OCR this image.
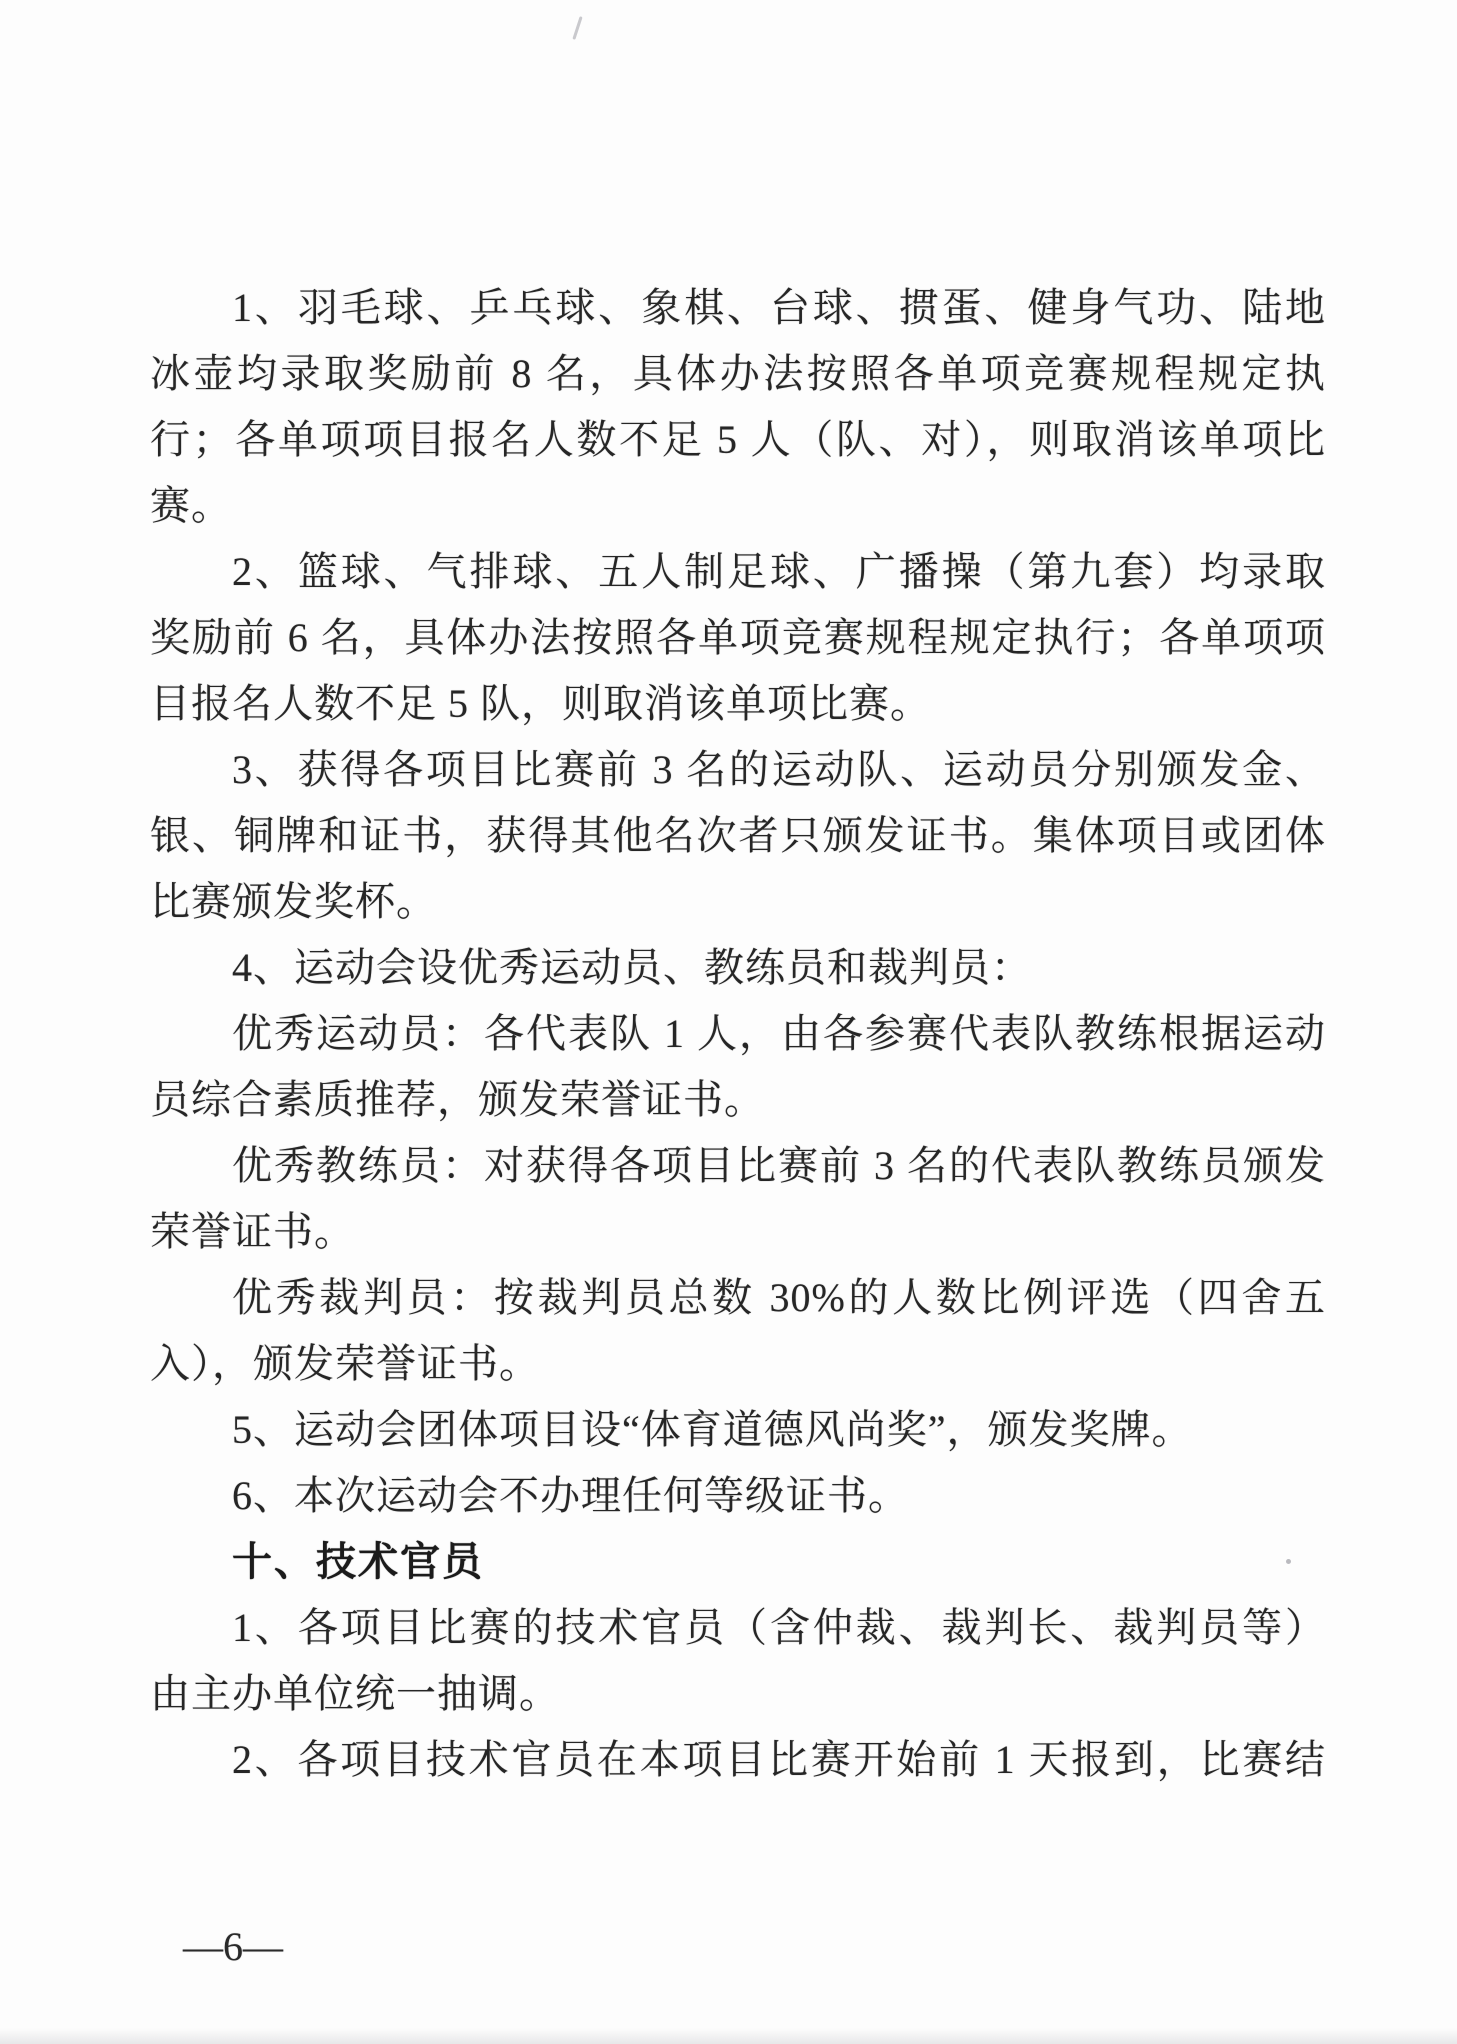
1、羽毛球、乒乓球、象棋、台球、掼蛋、健身气功、陆地
冰壶均录取奖励前 8 名，具体办法按照各单项竞赛规程规定执
行；各单项项目报名人数不足 5 人（队、对），则取消该单项比
赛。
2、篮球、气排球、五人制足球、广播操（第九套）均录取
奖励前 6 名，具体办法按照各单项竞赛规程规定执行；各单项项
目报名人数不足 5 队，则取消该单项比赛。
3、获得各项目比赛前 3 名的运动队、运动员分别颁发金、
银、铜牌和证书，获得其他名次者只颁发证书。集体项目或团体
比赛颁发奖杯。
4、运动会设优秀运动员、教练员和裁判员：
优秀运动员：各代表队 1 人，由各参赛代表队教练根据运动
员综合素质推荐，颁发荣誉证书。
优秀教练员：对获得各项目比赛前 3 名的代表队教练员颁发
荣誉证书。
优秀裁判员：按裁判员总数 30%的人数比例评选（四舍五
入），颁发荣誉证书。
5、运动会团体项目设“体育道德风尚奖”，颁发奖牌。
6、本次运动会不办理任何等级证书。
十、技术官员
1、各项目比赛的技术官员（含仲裁、裁判长、裁判员等）
由主办单位统一抽调。
2、各项目技术官员在本项目比赛开始前 1 天报到，比赛结
—6—
